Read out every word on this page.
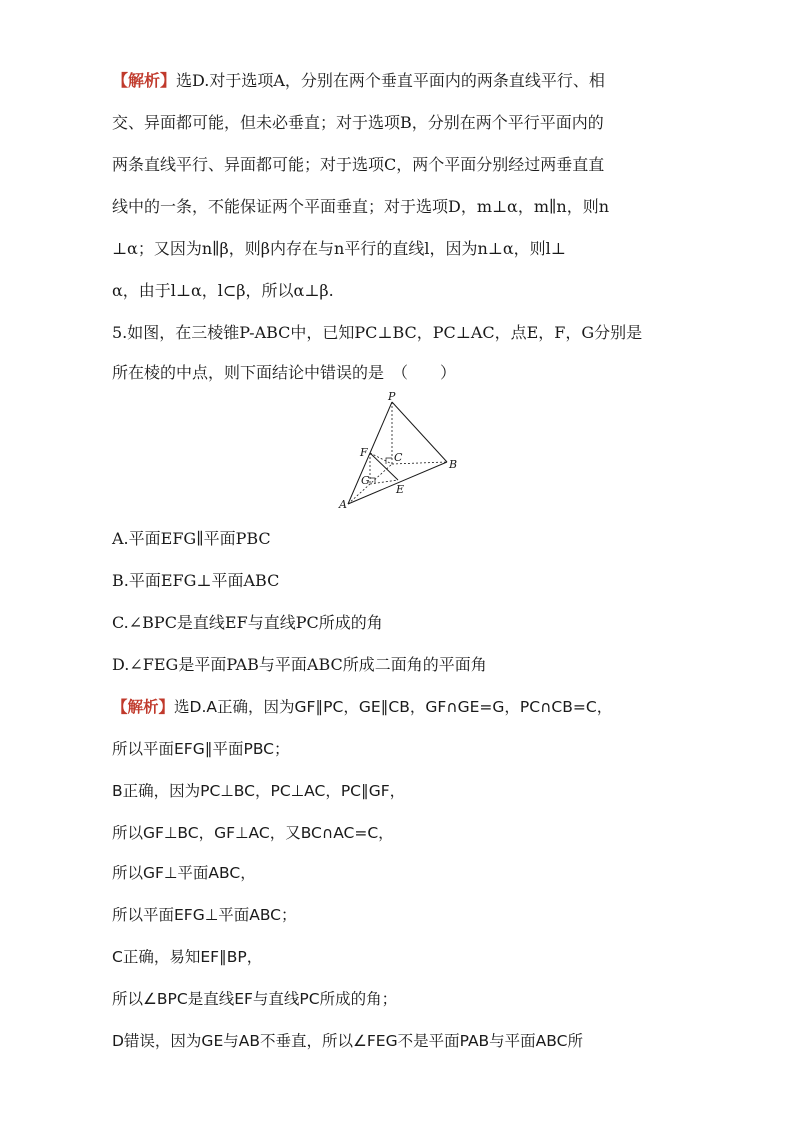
【解析】选D.对于选项A，分别在两个垂直平面内的两条直线平行、相
交、异面都可能，但未必垂直；对于选项B，分别在两个平行平面内的
两条直线平行、异面都可能；对于选项C，两个平面分别经过两垂直直
线中的一条，不能保证两个平面垂直；对于选项D，m⊥α，m∥n，则n
⊥α；又因为n∥β，则β内存在与n平行的直线l，因为n⊥α，则l⊥
α，由于l⊥α，l⊂β，所以α⊥β.
5.如图，在三棱锥P-ABC中，已知PC⊥BC，PC⊥AC，点E，F，G分别是
所在棱的中点，则下面结论中错误的是　（　　）
P
F C
B
G
E
A
A.平面EFG∥平面PBC
B.平面EFG⊥平面ABC
C.∠BPC是直线EF与直线PC所成的角
D.∠FEG是平面PAB与平面ABC所成二面角的平面角
【解析】选D.A正确，因为GF∥PC，GE∥CB，GF∩GE=G，PC∩CB=C，
所以平面EFG∥平面PBC；
B正确，因为PC⊥BC，PC⊥AC，PC∥GF，
所以GF⊥BC，GF⊥AC，又BC∩AC=C，
所以GF⊥平面ABC，
所以平面EFG⊥平面ABC；
C正确，易知EF∥BP，
所以∠BPC是直线EF与直线PC所成的角；
D错误，因为GE与AB不垂直，所以∠FEG不是平面PAB与平面ABC所
